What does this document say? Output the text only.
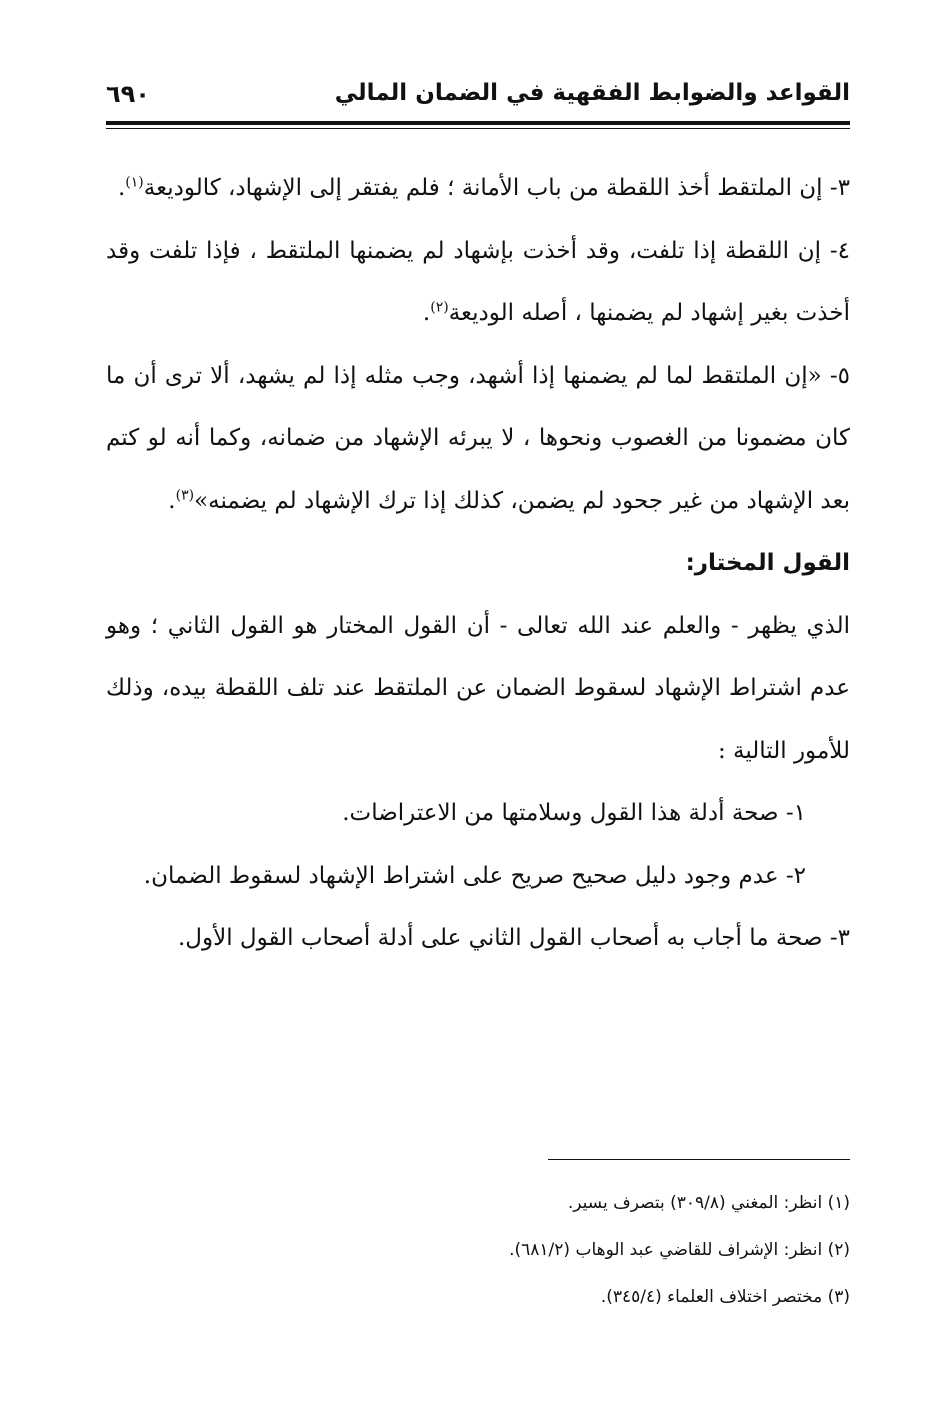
القواعد والضوابط الفقهية في الضمان المالي
٦٩٠

٣- إن الملتقط أخذ اللقطة من باب الأمانة ؛ فلم يفتقر إلى الإشهاد، كالوديعة$^{(١)}$.

٤- إن اللقطة إذا تلفت، وقد أخذت بإشهاد لم يضمنها الملتقط ، فإذا تلفت وقد أخذت بغير إشهاد لم يضمنها ، أصله الوديعة$^{(٢)}$.

٥- «إن الملتقط لما لم يضمنها إذا أشهد، وجب مثله إذا لم يشهد، ألا ترى أن ما كان مضمونا من الغصوب ونحوها ، لا يبرئه الإشهاد من ضمانه، وكما أنه لو كتم بعد الإشهاد من غير جحود لم يضمن، كذلك إذا ترك الإشهاد لم يضمنه»$^{(٣)}$.

القول المختار:

الذي يظهر - والعلم عند الله تعالى - أن القول المختار هو القول الثاني ؛ وهو عدم اشتراط الإشهاد لسقوط الضمان عن الملتقط عند تلف اللقطة بيده، وذلك للأمور التالية :

١- صحة أدلة هذا القول وسلامتها من الاعتراضات.

٢- عدم وجود دليل صحيح صريح على اشتراط الإشهاد لسقوط الضمان.

٣- صحة ما أجاب به أصحاب القول الثاني على أدلة أصحاب القول الأول.

(١) انظر: المغني (٣٠٩/٨) بتصرف يسير.

(٢) انظر: الإشراف للقاضي عبد الوهاب (٦٨١/٢).

(٣) مختصر اختلاف العلماء (٣٤٥/٤).
